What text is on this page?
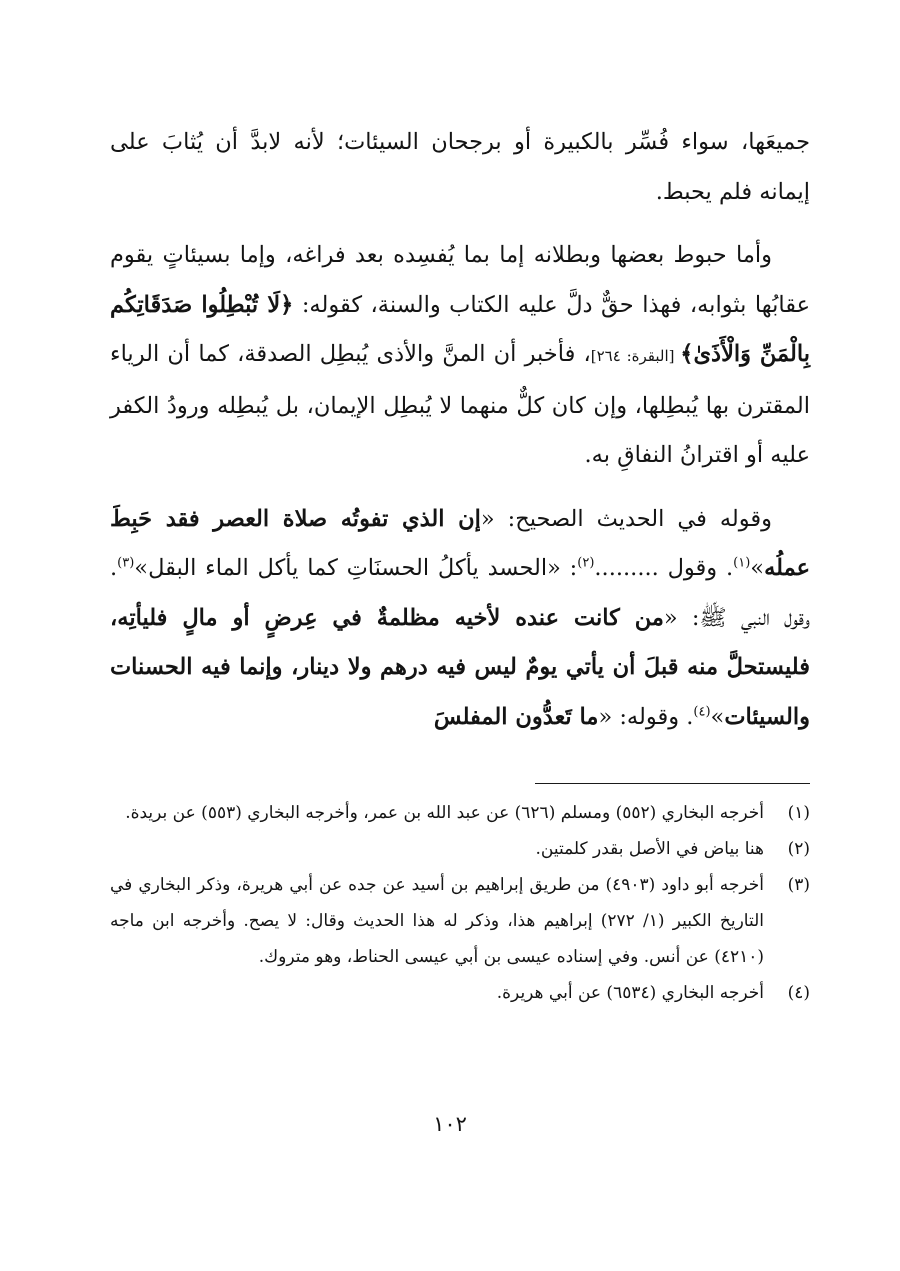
جميعَها، سواء فُسِّر بالكبيرة أو برجحان السيئات؛ لأنه لابدَّ أن يُثابَ على إيمانه فلم يحبط.

وأما حبوط بعضها وبطلانه إما بما يُفسِده بعد فراغه، وإما بسيئاتٍ يقوم عقابُها بثوابه، فهذا حقٌّ دلَّ عليه الكتاب والسنة، كقوله: ﴿لَا تُبْطِلُوا صَدَقَاتِكُم بِالْمَنِّ وَالْأَذَىٰ﴾ [البقرة: ٢٦٤]، فأخبر أن المنَّ والأذى يُبطِل الصدقة، كما أن الرياء المقترن بها يُبطِلها، وإن كان كلٌّ منهما لا يُبطِل الإيمان، بل يُبطِله ورودُ الكفر عليه أو اقترانُ النفاقِ به.

وقوله في الحديث الصحيح: «إن الذي تفوتُه صلاة العصر فقد حَبِطَ عملُه»$^{(١)}$. وقول .........$^{(٢)}$: «الحسد يأكلُ الحسنَاتِ كما يأكل الماء البقل»$^{(٣)}$. وقول النبي ﷺ: «من كانت عنده لأخيه مظلمةٌ في عِرضٍ أو مالٍ فليأتِه، فليستحلَّ منه قبلَ أن يأتي يومٌ ليس فيه درهم ولا دينار، وإنما فيه الحسنات والسيئات»$^{(٤)}$. وقوله: «ما تَعدُّون المفلسَ

(١)
أخرجه البخاري (٥٥٢) ومسلم (٦٢٦) عن عبد الله بن عمر، وأخرجه البخاري (٥٥٣) عن بريدة.
(٢)
هنا بياض في الأصل بقدر كلمتين.
(٣)
أخرجه أبو داود (٤٩٠٣) من طريق إبراهيم بن أسيد عن جده عن أبي هريرة، وذكر البخاري في التاريخ الكبير (١/ ٢٧٢) إبراهيم هذا، وذكر له هذا الحديث وقال: لا يصح. وأخرجه ابن ماجه (٤٢١٠) عن أنس. وفي إسناده عيسى بن أبي عيسى الحناط، وهو متروك.
(٤)
أخرجه البخاري (٦٥٣٤) عن أبي هريرة.
١٠٢
